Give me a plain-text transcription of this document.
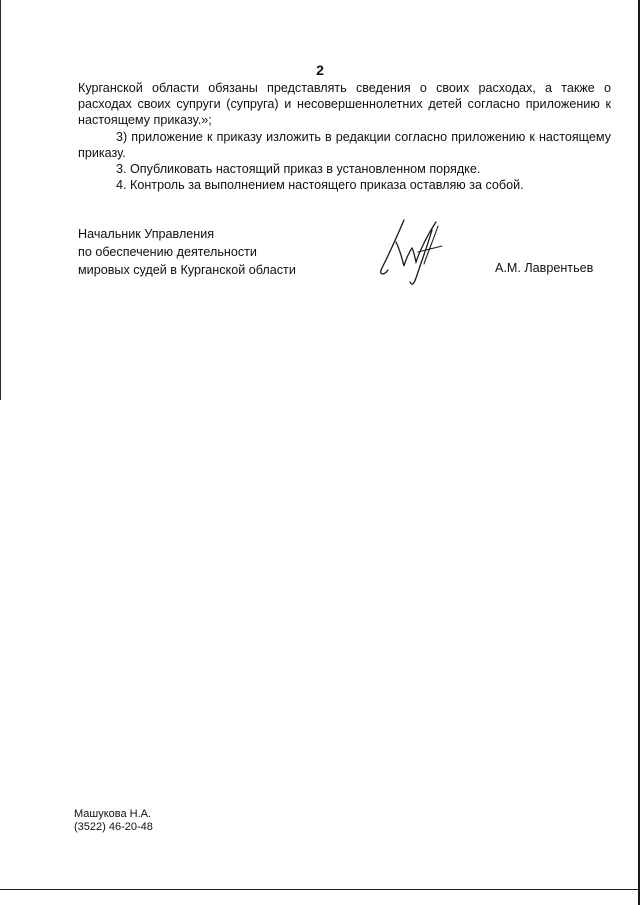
2

Курганской области обязаны представлять сведения о своих расходах, а также о расходах своих супруги (супруга) и несовершеннолетних детей согласно приложению к настоящему приказу.»;

3) приложение к приказу изложить в редакции согласно приложению к настоящему приказу.

3. Опубликовать настоящий приказ в установленном порядке.

4. Контроль за выполнением настоящего приказа оставляю за собой.

Начальник Управления
по обеспечению деятельности
мировых судей в Курганской области	А.М. Лаврентьев
Машукова Н.А.
(3522) 46-20-48
